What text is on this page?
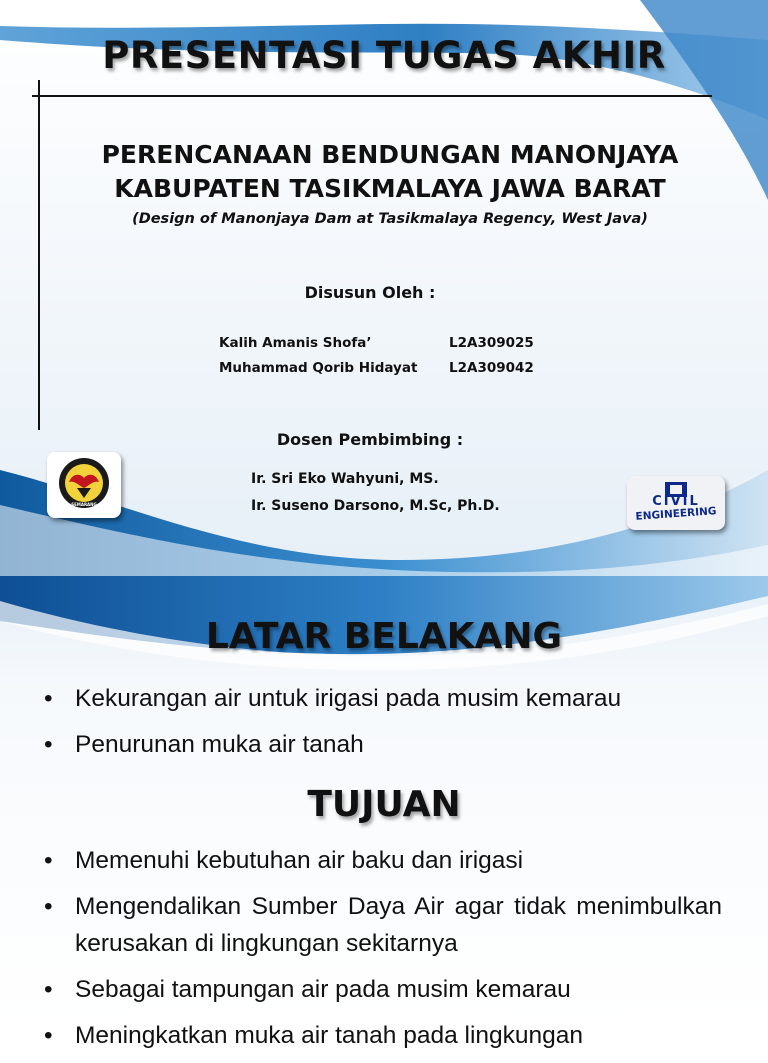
PRESENTASI TUGAS AKHIR
PERENCANAAN BENDUNGAN MANONJAYA
KABUPATEN TASIKMALAYA JAWA BARAT
(Design of Manonjaya Dam at Tasikmalaya Regency, West Java)
Disusun Oleh :
Kalih Amanis Shofa’	L2A309025
Muhammad Qorib Hidayat L2A309042
Dosen Pembimbing :
Ir. Sri Eko Wahyuni, MS.
Ir. Suseno Darsono, M.Sc, Ph.D.
SEMARANG	CIVIL
ENGINEERING
LATAR BELAKANG
• Kekurangan air untuk irigasi pada musim kemarau
• Penurunan muka air tanah
TUJUAN
• Memenuhi kebutuhan air baku dan irigasi
• Mengendalikan Sumber Daya Air agar tidak menimbulkan kerusakan di lingkungan sekitarnya
• Sebagai tampungan air pada musim kemarau
• Meningkatkan muka air tanah pada lingkungan
